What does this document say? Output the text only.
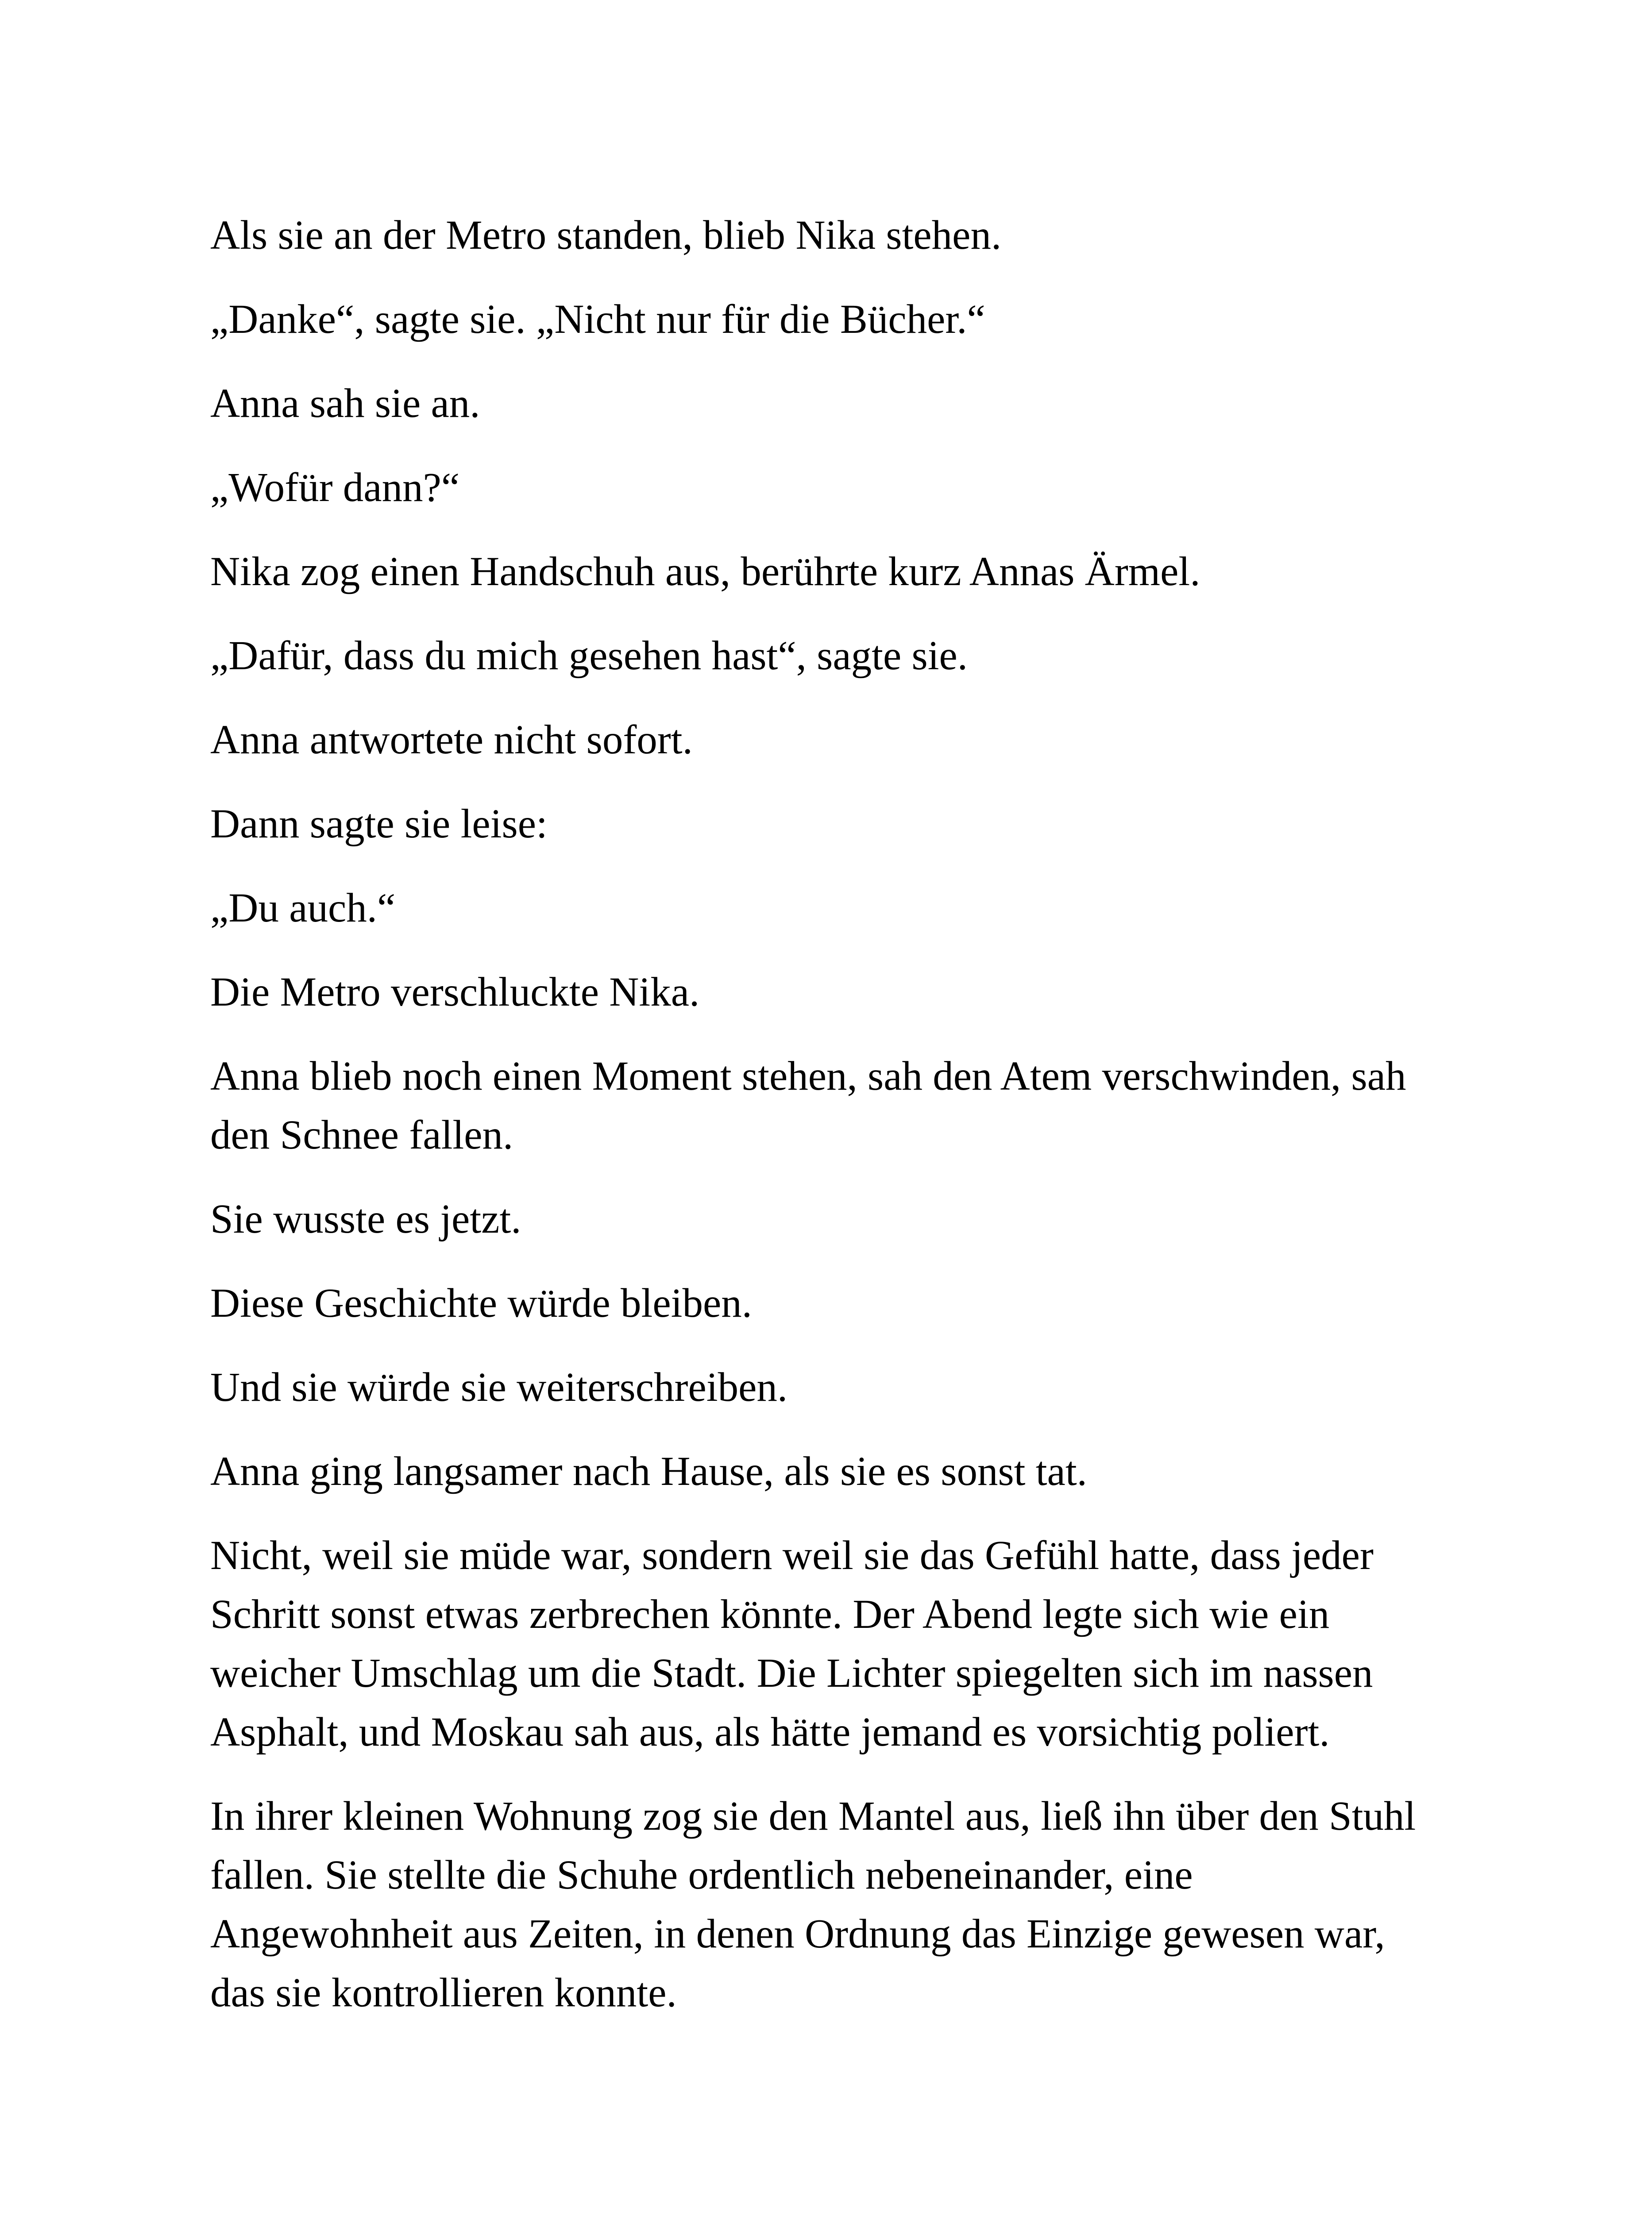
Als sie an der Metro standen, blieb Nika stehen.

„Danke“, sagte sie. „Nicht nur für die Bücher.“

Anna sah sie an.

„Wofür dann?“

Nika zog einen Handschuh aus, berührte kurz Annas Ärmel.

„Dafür, dass du mich gesehen hast“, sagte sie.

Anna antwortete nicht sofort.

Dann sagte sie leise:

„Du auch.“

Die Metro verschluckte Nika.

Anna blieb noch einen Moment stehen, sah den Atem verschwinden, sah den Schnee fallen.

Sie wusste es jetzt.

Diese Geschichte würde bleiben.

Und sie würde sie weiterschreiben.

Anna ging langsamer nach Hause, als sie es sonst tat.

Nicht, weil sie müde war, sondern weil sie das Gefühl hatte, dass jeder Schritt sonst etwas zerbrechen könnte. Der Abend legte sich wie ein weicher Umschlag um die Stadt. Die Lichter spiegelten sich im nassen Asphalt, und Moskau sah aus, als hätte jemand es vorsichtig poliert.

In ihrer kleinen Wohnung zog sie den Mantel aus, ließ ihn über den Stuhl fallen. Sie stellte die Schuhe ordentlich nebeneinander, eine Angewohnheit aus Zeiten, in denen Ordnung das Einzige gewesen war, das sie kontrollieren konnte.
